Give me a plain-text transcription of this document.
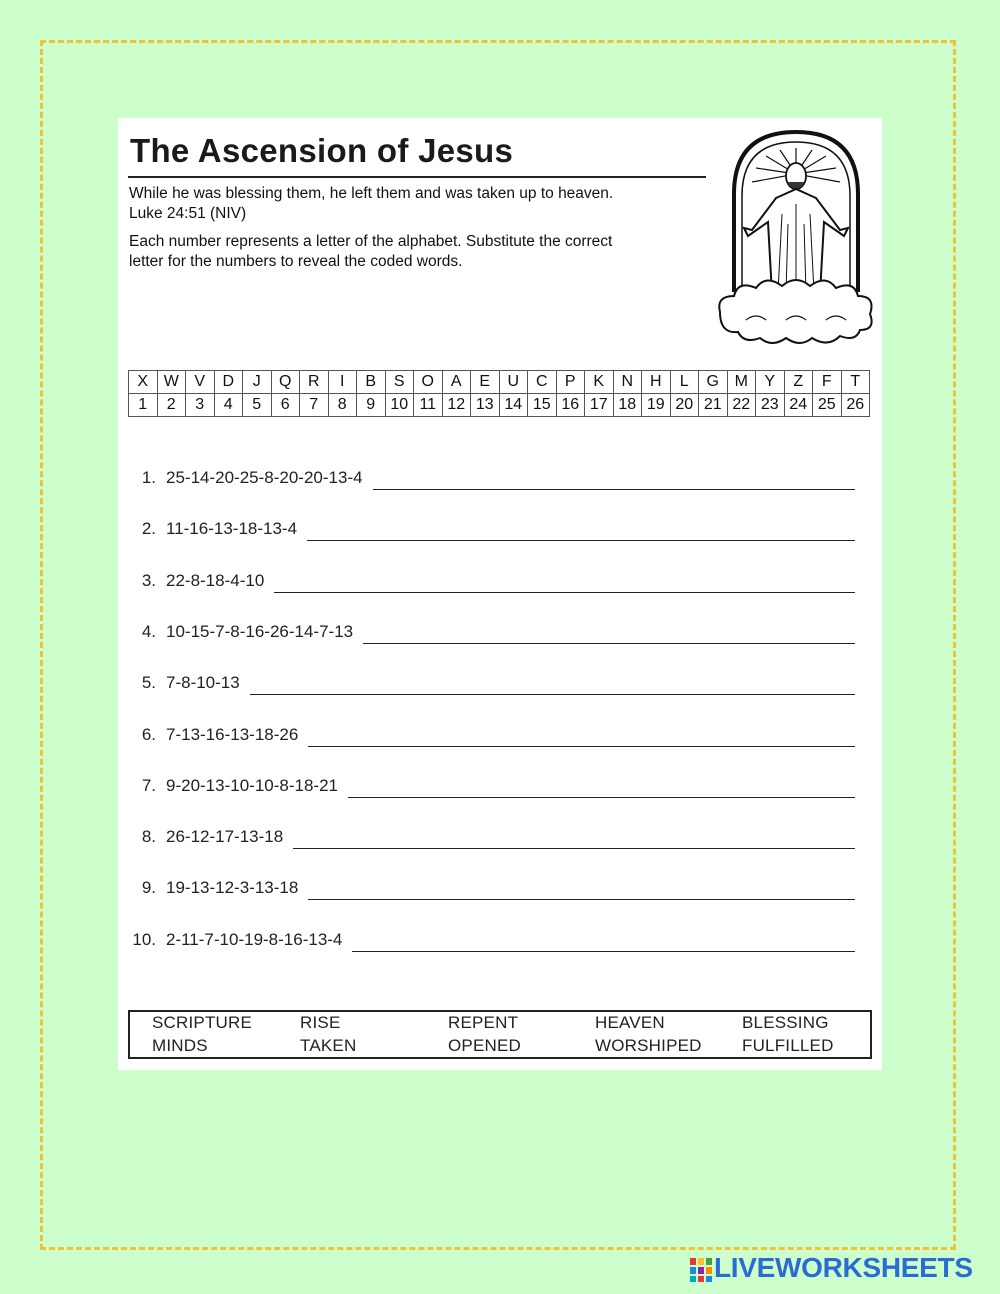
The Ascension of Jesus
While he was blessing them, he left them and was taken up to heaven.
Luke 24:51 (NIV)
Each number represents a letter of the alphabet. Substitute the correct
letter for the numbers to reveal the coded words.
X	W	V	D	J	Q	R	I	B	S	O	A	E	U	C	P	K	N	H	L	G	M	Y	Z	F	T
1	2	3	4	5	6	7	8	9	10	11	12	13	14	15	16	17	18	19	20	21	22	23	24	25	26
1. 25-14-20-25-8-20-20-13-4
2. 11-16-13-18-13-4
3. 22-8-18-4-10
4. 10-15-7-8-16-26-14-7-13
5. 7-8-10-13
6. 7-13-16-13-18-26
7. 9-20-13-10-10-8-18-21
8. 26-12-17-13-18
9. 19-13-12-3-13-18
10. 2-11-7-10-19-8-16-13-4
SCRIPTURE	RISE	REPENT	HEAVEN	BLESSING
MINDS	TAKEN	OPENED	WORSHIPED FULFILLED
LIVEWORKSHEETS
